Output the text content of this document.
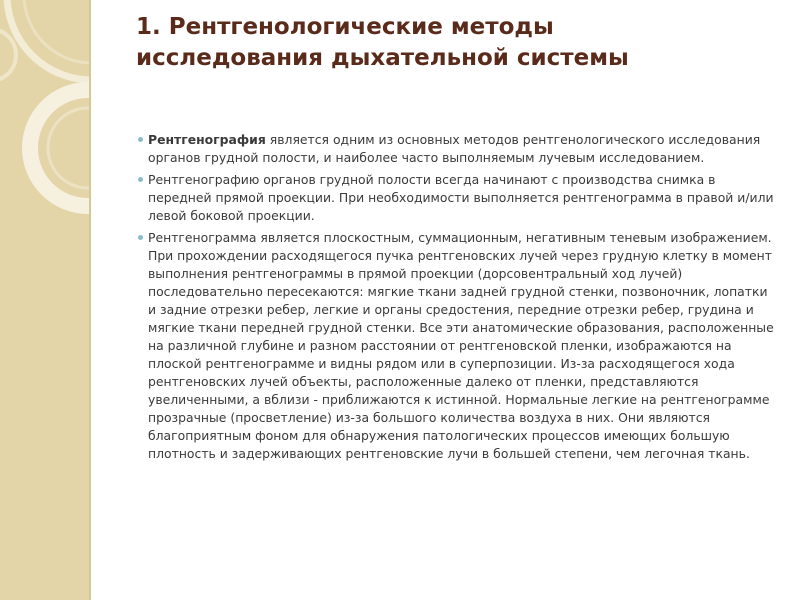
1. Рентгенологические методы
исследования дыхательной системы
Рентгенография является одним из основных методов рентгенологического исследования органов грудной полости, и наиболее часто выполняемым лучевым исследованием.
Рентгенографию органов грудной полости всегда начинают с производства снимка в передней прямой проекции. При необходимости выполняется рентгенограмма в правой и/или левой боковой проекции.
Рентгенограмма является плоскостным, суммационным, негативным теневым изображением. При прохождении расходящегося пучка рентгеновских лучей через грудную клетку в момент выполнения рентгенограммы в прямой проекции (дорсовентральный ход лучей) последовательно пересекаются: мягкие ткани задней грудной стенки, позвоночник, лопатки и задние отрезки ребер, легкие и органы средостения, передние отрезки ребер, грудина и мягкие ткани передней грудной стенки. Все эти анатомические образования, расположенные на различной глубине и разном расстоянии от рентгеновской пленки, изображаются на плоской рентгенограмме и видны рядом или в суперпозиции. Из-за расходящегося хода рентгеновских лучей объекты, расположенные далеко от пленки, представляются увеличенными, а вблизи - приближаются к истинной. Нормальные легкие на рентгенограмме прозрачные (просветление) из-за большого количества воздуха в них. Они являются благоприятным фоном для обнаружения патологических процессов имеющих большую плотность и задерживающих рентгеновские лучи в большей степени, чем легочная ткань.
